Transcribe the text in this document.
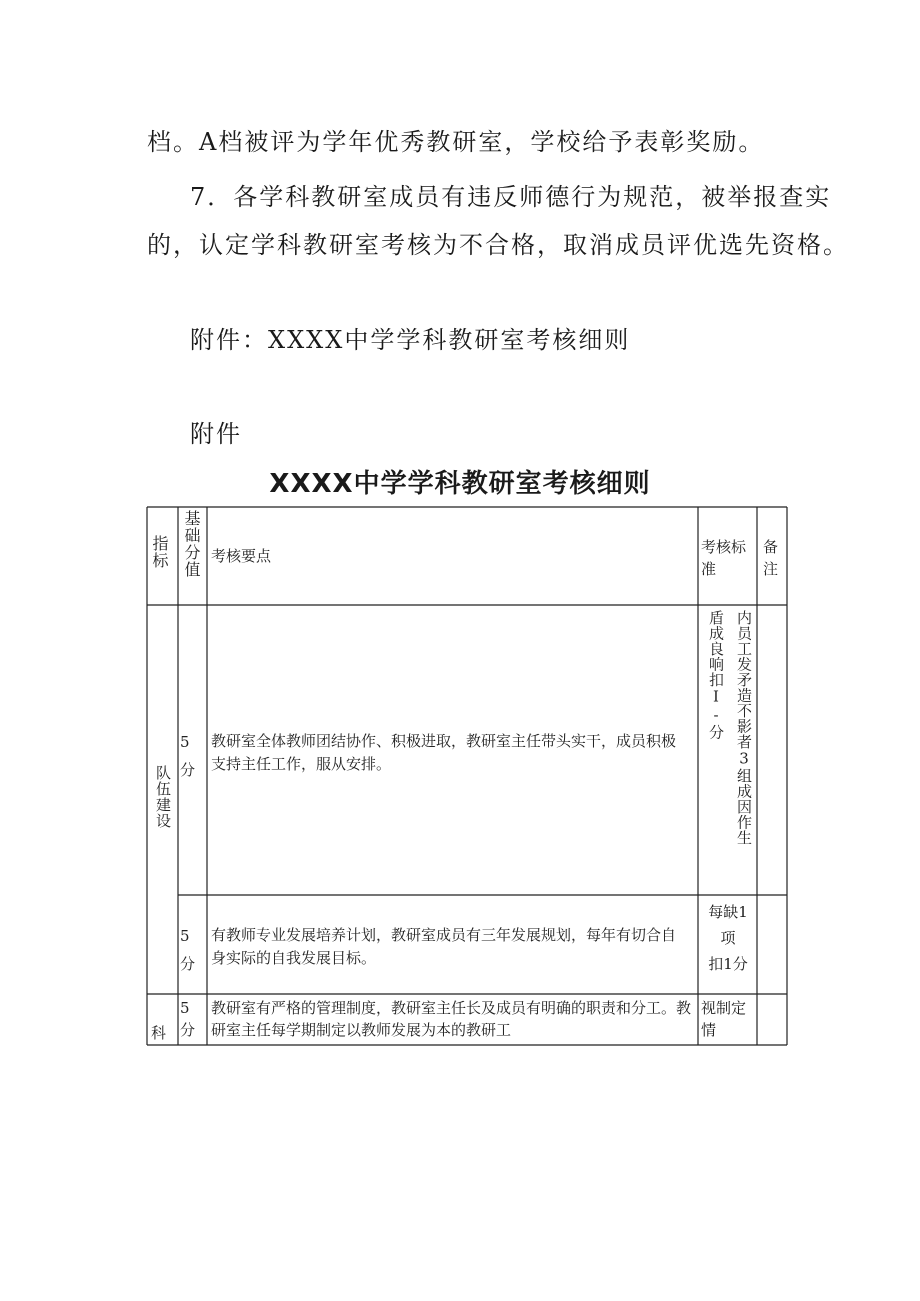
档。A档被评为学年优秀教研室，学校给予表彰奖励。
7．各学科教研室成员有违反师德行为规范，被举报查实
的，认定学科教研室考核为不合格，取消成员评优选先资格。
附件：XXXX中学学科教研室考核细则
附件
XXXX中学学科教研室考核细则
指标 基础分值 考核要点	考核标准
备注
队伍建设
5分
教研室全体教师团结协作、积极进取，教研室主任带头实干，成员积极支持主任工作，服从安排。	内员工发矛造不影者3组成因作生
盾成良响扣I-分
5分
有教师专业发展培养计划，教研室成员有三年发展规划，每年有切合自身实际的自我发展目标。
每缺1
项
扣1分
科
5分
教研室有严格的管理制度，教研室主任长及成员有明确的职责和分工。教研室主任每学期制定以教师发展为本的教研工
视制定
情
